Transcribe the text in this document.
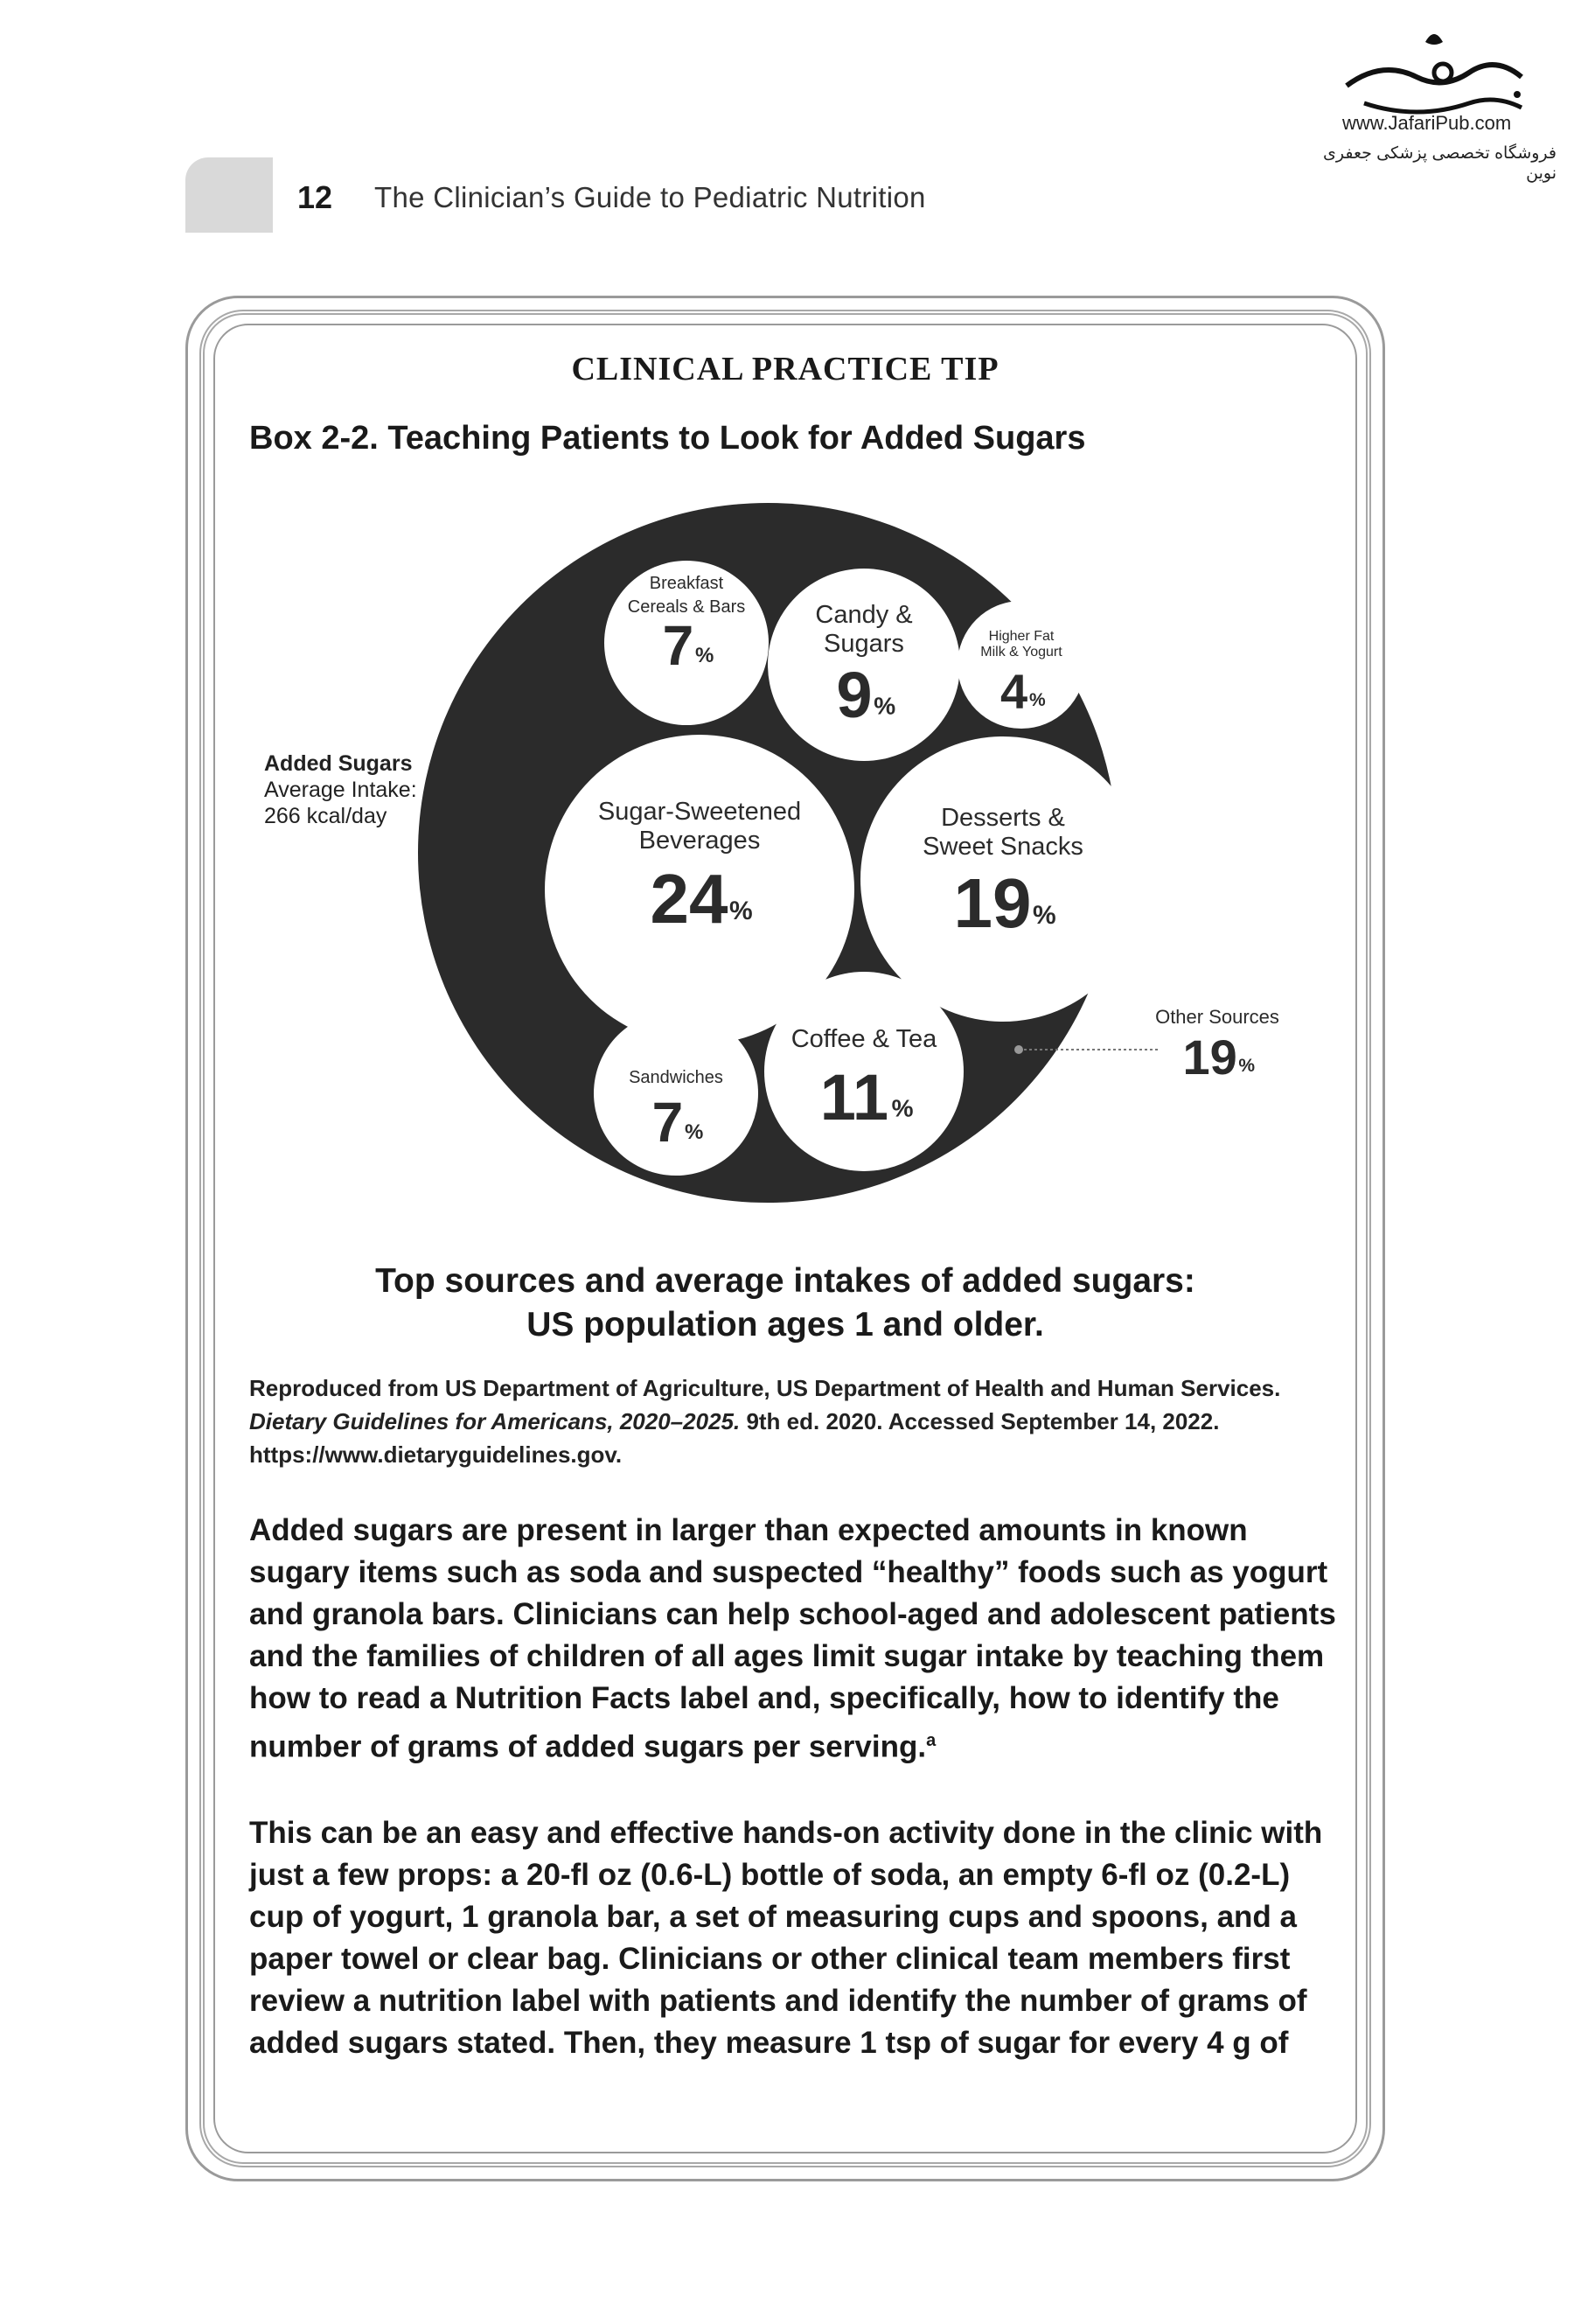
www.JafariPub.com
فروشگاه تخصصی پزشکی جعفری نوین
12 The Clinician’s Guide to Pediatric Nutrition
CLINICAL PRACTICE TIP
Box 2-2. Teaching Patients to Look for Added Sugars
Breakfast
Cereals & Bars
7 %
Candy &
Sugars
9 %
Higher Fat
Milk & Yogurt
4 %
Sugar-Sweetened
Beverages
24 %
Desserts &
Sweet Snacks
19 %
Sandwiches
7 %
Coffee & Tea
11 %
Other Sources
19 %
Added Sugars
Average Intake:
266 kcal/day
Top sources and average intakes of added sugars:
US population ages 1 and older.
Reproduced from US Department of Agriculture, US Department of Health and Human Services. Dietary Guidelines for Americans, 2020–2025. 9th ed. 2020. Accessed September 14, 2022. https://www.dietaryguidelines.gov.
Added sugars are present in larger than expected amounts in known sugary items such as soda and suspected “healthy” foods such as yogurt and granola bars. Clinicians can help school-aged and adolescent patients and the families of children of all ages limit sugar intake by teaching them how to read a Nutrition Facts label and, specifically, how to identify the number of grams of added sugars per serving.$^a$
This can be an easy and effective hands-on activity done in the clinic with just a few props: a 20-fl oz (0.6-L) bottle of soda, an empty 6-fl oz (0.2-L) cup of yogurt, 1 granola bar, a set of measuring cups and spoons, and a paper towel or clear bag. Clinicians or other clinical team members first review a nutrition label with patients and identify the number of grams of added sugars stated. Then, they measure 1 tsp of sugar for every 4 g of
